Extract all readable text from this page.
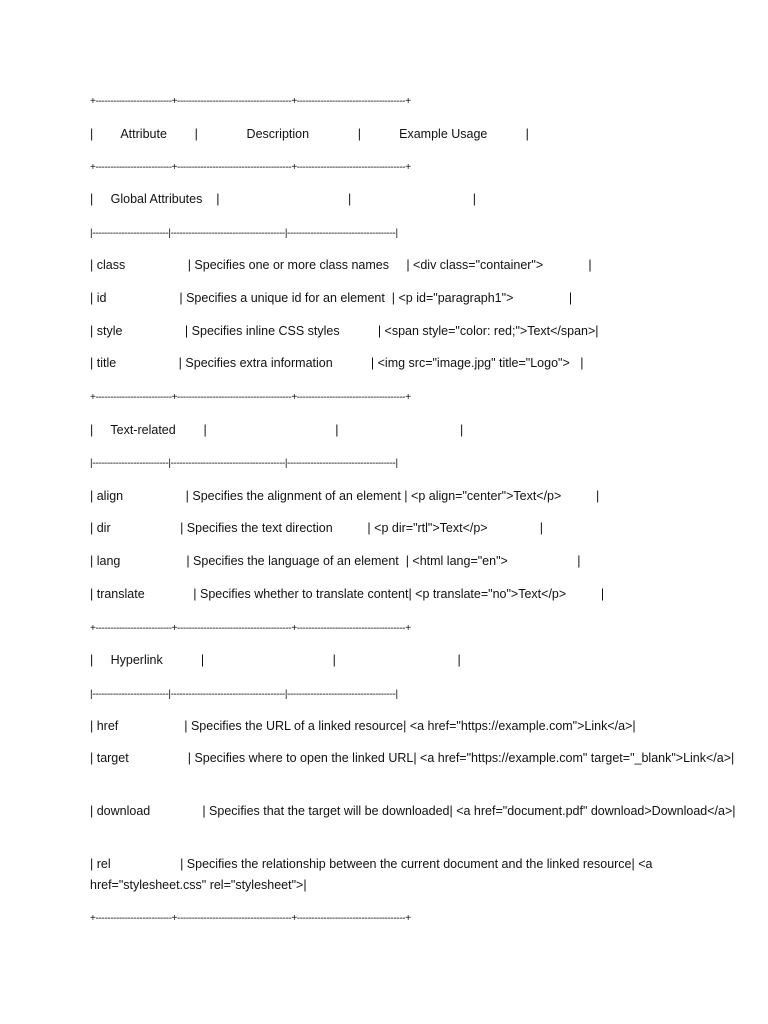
+--------------------------+---------------------------------------+-------------------------------------+

|        Attribute        |              Description              |           Example Usage           |

+--------------------------+---------------------------------------+-------------------------------------+

|     Global Attributes    |                                     |                                   |

|--------------------------|---------------------------------------|-------------------------------------|

| class                  | Specifies one or more class names     | <div class="container">             |

| id                     | Specifies a unique id for an element  | <p id="paragraph1">                |

| style                  | Specifies inline CSS styles           | <span style="color: red;">Text</span>|

| title                  | Specifies extra information           | <img src="image.jpg" title="Logo">   |

+--------------------------+---------------------------------------+-------------------------------------+

|     Text-related        |                                     |                                   |

|--------------------------|---------------------------------------|-------------------------------------|

| align                  | Specifies the alignment of an element | <p align="center">Text</p>          |

| dir                    | Specifies the text direction          | <p dir="rtl">Text</p>               |

| lang                   | Specifies the language of an element  | <html lang="en">                    |

| translate              | Specifies whether to translate content| <p translate="no">Text</p>          |

+--------------------------+---------------------------------------+-------------------------------------+

|     Hyperlink           |                                     |                                   |

|--------------------------|---------------------------------------|-------------------------------------|

| href                   | Specifies the URL of a linked resource| <a href="https://example.com">Link</a>|

| target                 | Specifies where to open the linked URL| <a href="https://example.com" target="_blank">Link</a>|

| download               | Specifies that the target will be downloaded| <a href="document.pdf" download>Download</a>|

| rel                    | Specifies the relationship between the current document and the linked resource| <a href="stylesheet.css" rel="stylesheet">|

+--------------------------+---------------------------------------+-------------------------------------+
